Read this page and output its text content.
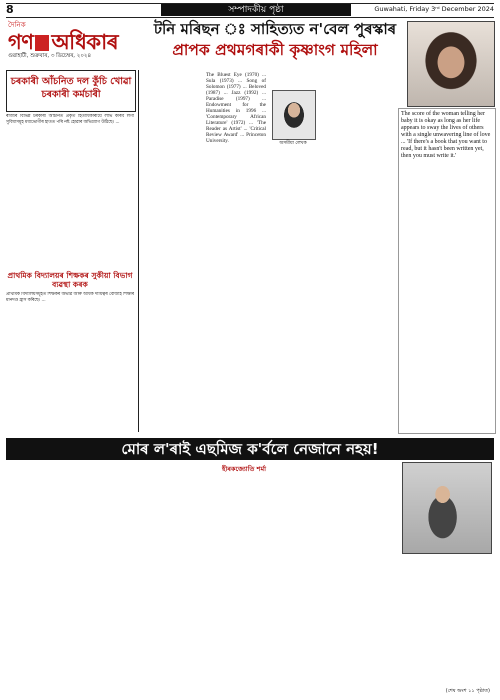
8	সম্পাদকীয় পৃষ্ঠা	Guwahati, Friday 3ʳᵈ December 2024
দৈনিক
গণ অধিকাৰ
গুৱাহাটী, শুক্ৰবাৰ, ৩ ডিচেম্বৰ, ২০২৪
টনি মৰিছন ঃ সাহিত্যত ন'বেল পুৰস্কাৰ
প্ৰাপক প্ৰথমগৰাকী কৃষ্ণাংগ মহিলা
চৰকাৰী আঁচনিত দল কুঁচি খোৱা চৰকাৰী কৰ্মচাৰী
ৰাজ্যৰ বিভিন্ন চৰকাৰী আঁচনিত প্ৰকৃত হিতাধিকাৰীয়ে লাভ কৰিব লগা সুবিধাসমূহ মধ্যভোগীৰ হাতত পৰি নষ্ট হোৱাৰ অভিযোগ উঠিছে। ...
প্ৰাথমিক বিদ্যালয়ৰ শিক্ষকৰ সুকীয়া বিভাগ ব্যৱস্থা কৰক
প্ৰাথমিক বিদ্যালয়সমূহত শিক্ষকৰ অভাৱ আৰু অধিক দায়িত্বৰ বোজাই শিক্ষাৰ মানদণ্ড হ্ৰাস কৰিছে। ...
The Bluest Eye (1970) ... Sula (1973) ... Song of Solomon (1977) ... Beloved (1987) ... Jazz (1992) ... Paradise (1997) ... Endowment for the Humanities in 1996 ... 'Contemporary African Literature' (1972) ... 'The Reader as Artist' ... 'Critical Review Award' ... Princeton University.	অসমীয়া লেখক
The score of the woman telling her baby it is okay as long as her life appears to sway the lives of others with a single unwavering line of love ... 'If there's a book that you want to read, but it hasn't been written yet, then you must write it.'
মোৰ ল'ৰাই এছমিজ ক'ৰ্বলে নেজানে নহয়!
হীৰকজ্যোতি শৰ্মা
(শেষ অংশ ১১ পৃষ্ঠাত)
